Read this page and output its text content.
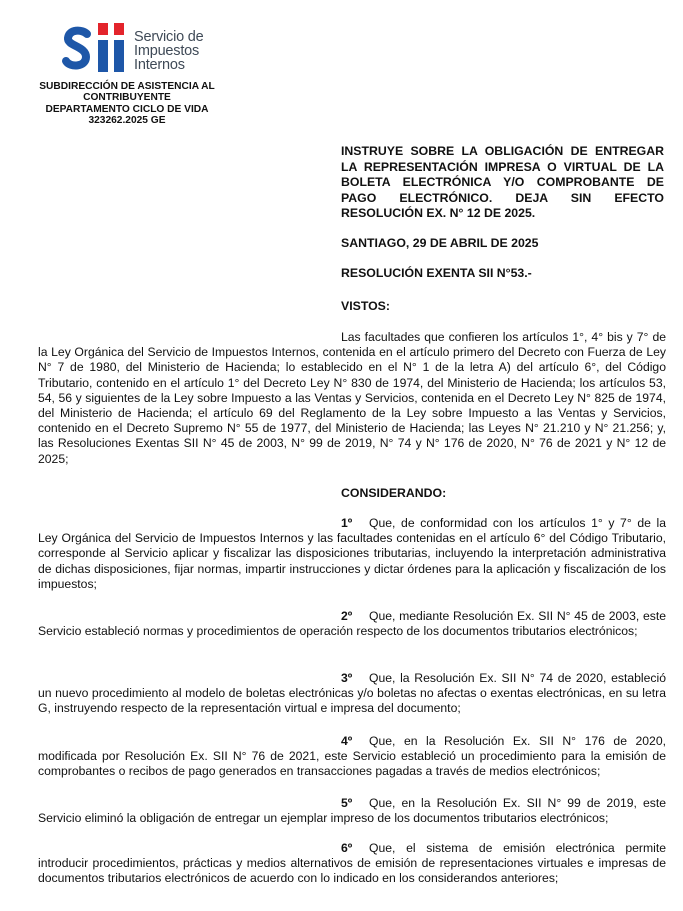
Servicio de
Impuestos
Internos
SUBDIRECCIÓN DE ASISTENCIA AL
CONTRIBUYENTE
DEPARTAMENTO CICLO DE VIDA
323262.2025 GE
INSTRUYE SOBRE LA OBLIGACIÓN DE ENTREGAR LA REPRESENTACIÓN IMPRESA O VIRTUAL DE LA BOLETA ELECTRÓNICA Y/O COMPROBANTE DE PAGO ELECTRÓNICO. DEJA SIN EFECTO RESOLUCIÓN EX. N° 12 DE 2025.
SANTIAGO, 29 DE ABRIL DE 2025
RESOLUCIÓN EXENTA SII N°53.-
VISTOS:
Las facultades que confieren los artículos 1°, 4° bis y 7° de la Ley Orgánica del Servicio de Impuestos Internos, contenida en el artículo primero del Decreto con Fuerza de Ley N° 7 de 1980, del Ministerio de Hacienda; lo establecido en el N° 1 de la letra A) del artículo 6°, del Código Tributario, contenido en el artículo 1° del Decreto Ley N° 830 de 1974, del Ministerio de Hacienda; los artículos 53, 54, 56 y siguientes de la Ley sobre Impuesto a las Ventas y Servicios, contenida en el Decreto Ley N° 825 de 1974, del Ministerio de Hacienda; el artículo 69 del Reglamento de la Ley sobre Impuesto a las Ventas y Servicios, contenido en el Decreto Supremo N° 55 de 1977, del Ministerio de Hacienda; las Leyes N° 21.210 y N° 21.256; y, las Resoluciones Exentas SII N° 45 de 2003, N° 99 de 2019, N° 74 y N° 176 de 2020, N° 76 de 2021 y N° 12 de 2025;
CONSIDERANDO:
1º Que, de conformidad con los artículos 1° y 7° de la Ley Orgánica del Servicio de Impuestos Internos y las facultades contenidas en el artículo 6° del Código Tributario, corresponde al Servicio aplicar y fiscalizar las disposiciones tributarias, incluyendo la interpretación administrativa de dichas disposiciones, fijar normas, impartir instrucciones y dictar órdenes para la aplicación y fiscalización de los impuestos;
2º Que, mediante Resolución Ex. SII N° 45 de 2003, este Servicio estableció normas y procedimientos de operación respecto de los documentos tributarios electrónicos;
3º Que, la Resolución Ex. SII N° 74 de 2020, estableció un nuevo procedimiento al modelo de boletas electrónicas y/o boletas no afectas o exentas electrónicas, en su letra G, instruyendo respecto de la representación virtual e impresa del documento;
4º Que, en la Resolución Ex. SII N° 176 de 2020, modificada por Resolución Ex. SII N° 76 de 2021, este Servicio estableció un procedimiento para la emisión de comprobantes o recibos de pago generados en transacciones pagadas a través de medios electrónicos;
5º Que, en la Resolución Ex. SII N° 99 de 2019, este Servicio eliminó la obligación de entregar un ejemplar impreso de los documentos tributarios electrónicos;
6º Que, el sistema de emisión electrónica permite introducir procedimientos, prácticas y medios alternativos de emisión de representaciones virtuales e impresas de documentos tributarios electrónicos de acuerdo con lo indicado en los considerandos anteriores;
